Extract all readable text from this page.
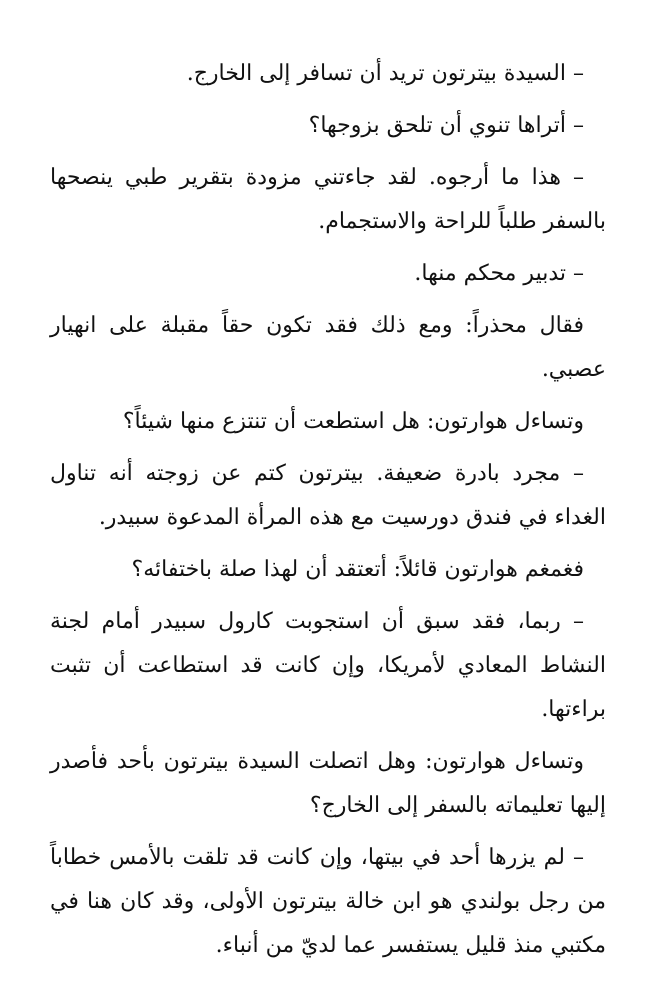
– السيدة بيترتون تريد أن تسافر إلى الخارج.

– أتراها تنوي أن تلحق بزوجها؟

– هذا ما أرجوه. لقد جاءتني مزودة بتقرير طبي ينصحها بالسفر طلباً للراحة والاستجمام.

– تدبير محكم منها.

فقال محذراً: ومع ذلك فقد تكون حقاً مقبلة على انهيار عصبي.

وتساءل هوارتون: هل استطعت أن تنتزع منها شيئاً؟

– مجرد بادرة ضعيفة. بيترتون كتم عن زوجته أنه تناول الغداء في فندق دورسيت مع هذه المرأة المدعوة سبيدر.

فغمغم هوارتون قائلاً: أتعتقد أن لهذا صلة باختفائه؟

– ربما، فقد سبق أن استجوبت كارول سبيدر أمام لجنة النشاط المعادي لأمريكا، وإن كانت قد استطاعت أن تثبت براءتها.

وتساءل هوارتون: وهل اتصلت السيدة بيترتون بأحد فأصدر إليها تعليماته بالسفر إلى الخارج؟

– لم يزرها أحد في بيتها، وإن كانت قد تلقت بالأمس خطاباً من رجل بولندي هو ابن خالة بيترتون الأولى، وقد كان هنا في مكتبي منذ قليل يستفسر عما لديّ من أنباء.
